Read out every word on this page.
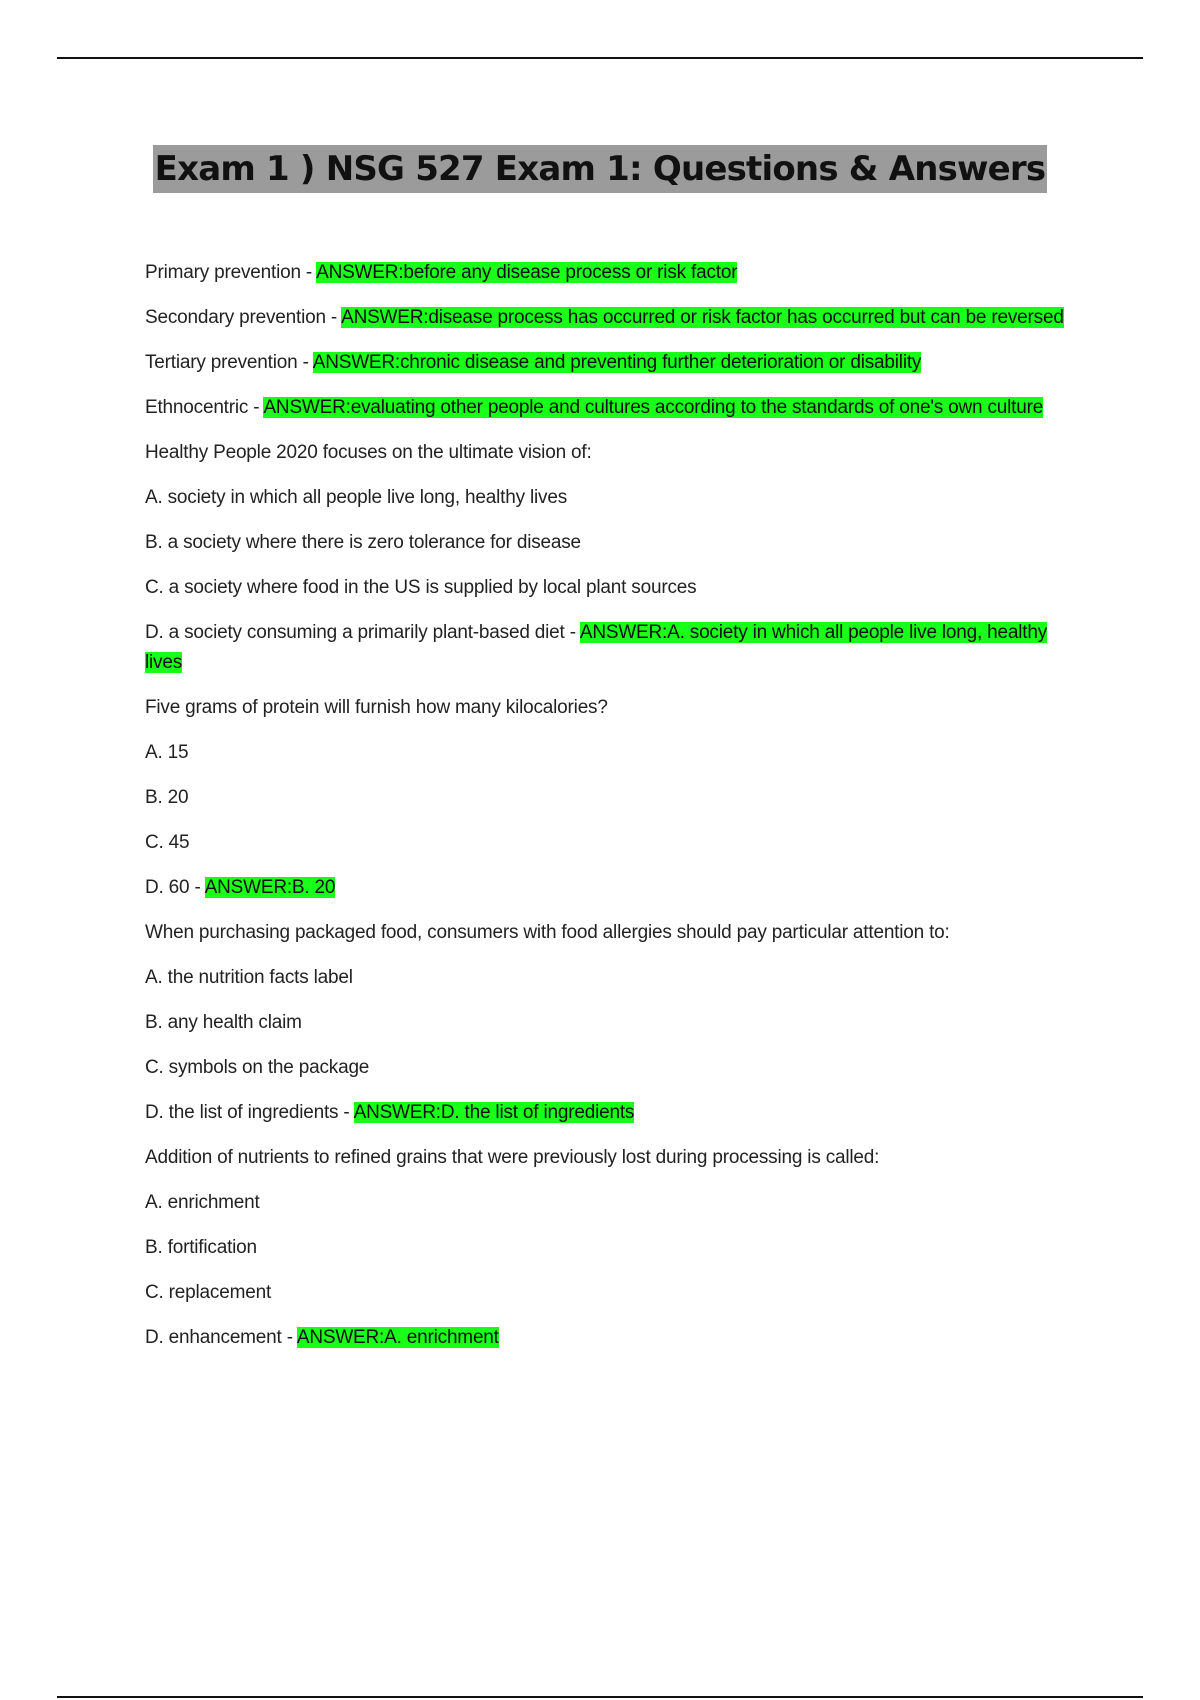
Exam 1 ) NSG 527 Exam 1: Questions & Answers

Primary prevention - ANSWER:before any disease process or risk factor

Secondary prevention - ANSWER:disease process has occurred or risk factor has occurred but can be reversed

Tertiary prevention - ANSWER:chronic disease and preventing further deterioration or disability

Ethnocentric - ANSWER:evaluating other people and cultures according to the standards of one's own culture

Healthy People 2020 focuses on the ultimate vision of:

A. society in which all people live long, healthy lives

B. a society where there is zero tolerance for disease

C. a society where food in the US is supplied by local plant sources

D. a society consuming a primarily plant-based diet - ANSWER:A. society in which all people live long, healthy lives

Five grams of protein will furnish how many kilocalories?

A. 15

B. 20

C. 45

D. 60 - ANSWER:B. 20

When purchasing packaged food, consumers with food allergies should pay particular attention to:

A. the nutrition facts label

B. any health claim

C. symbols on the package

D. the list of ingredients - ANSWER:D. the list of ingredients

Addition of nutrients to refined grains that were previously lost during processing is called:

A. enrichment

B. fortification

C. replacement

D. enhancement - ANSWER:A. enrichment
